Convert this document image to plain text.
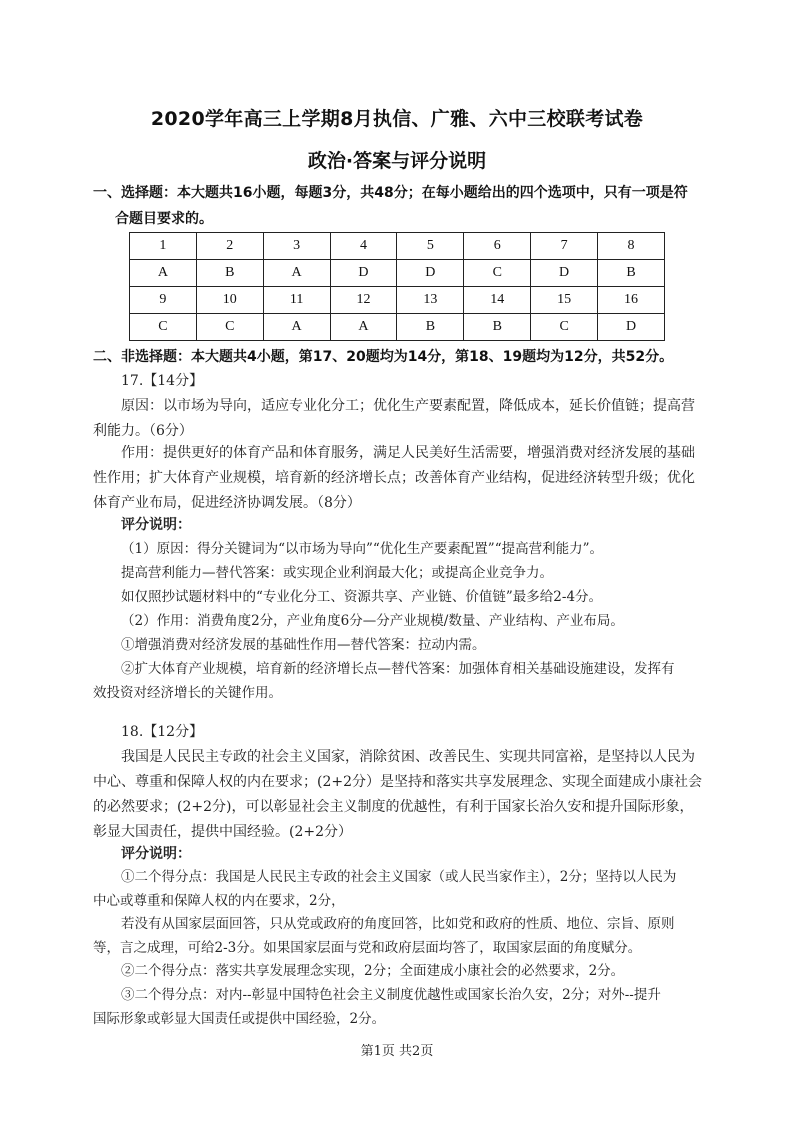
2020学年高三上学期8月执信、广雅、六中三校联考试卷
政治·答案与评分说明
一、选择题：本大题共16小题，每题3分，共48分；在每小题给出的四个选项中，只有一项是符
合题目要求的。
1	2	3	4	5	6	7	8
A	B	A	D	D	C	D	B
9	10	11	12	13	14	15	16
C	C	A	A	B	B	C	D
二、非选择题：本大题共4小题，第17、20题均为14分，第18、19题均为12分，共52分。
17.【14分】
原因：以市场为导向，适应专业化分工；优化生产要素配置，降低成本，延长价值链；提高营
利能力。（6分）
作用：提供更好的体育产品和体育服务，满足人民美好生活需要，增强消费对经济发展的基础
性作用；扩大体育产业规模，培育新的经济增长点；改善体育产业结构，促进经济转型升级；优化
体育产业布局，促进经济协调发展。（8分）
评分说明：
（1）原因：得分关键词为“以市场为导向”“优化生产要素配置”“提高营利能力”。
提高营利能力—替代答案：或实现企业利润最大化；或提高企业竞争力。
如仅照抄试题材料中的“专业化分工、资源共享、产业链、价值链”最多给2-4分。
（2）作用：消费角度2分，产业角度6分—分产业规模/数量、产业结构、产业布局。
①增强消费对经济发展的基础性作用—替代答案：拉动内需。
②扩大体育产业规模，培育新的经济增长点—替代答案：加强体育相关基础设施建设，发挥有
效投资对经济增长的关键作用。
18.【12分】
我国是人民民主专政的社会主义国家，消除贫困、改善民生、实现共同富裕，是坚持以人民为
中心、尊重和保障人权的内在要求；(2+2分）是坚持和落实共享发展理念、实现全面建成小康社会
的必然要求；(2+2分)，可以彰显社会主义制度的优越性，有利于国家长治久安和提升国际形象，
彰显大国责任，提供中国经验。(2+2分）
评分说明：
①二个得分点：我国是人民民主专政的社会主义国家（或人民当家作主），2分；坚持以人民为
中心或尊重和保障人权的内在要求，2分，
若没有从国家层面回答，只从党或政府的角度回答，比如党和政府的性质、地位、宗旨、原则
等，言之成理，可给2-3分。如果国家层面与党和政府层面均答了，取国家层面的角度赋分。
②二个得分点：落实共享发展理念实现，2分；全面建成小康社会的必然要求，2分。
③二个得分点：对内--彰显中国特色社会主义制度优越性或国家长治久安，2分；对外--提升
国际形象或彰显大国责任或提供中国经验，2分。
第1页 共2页
